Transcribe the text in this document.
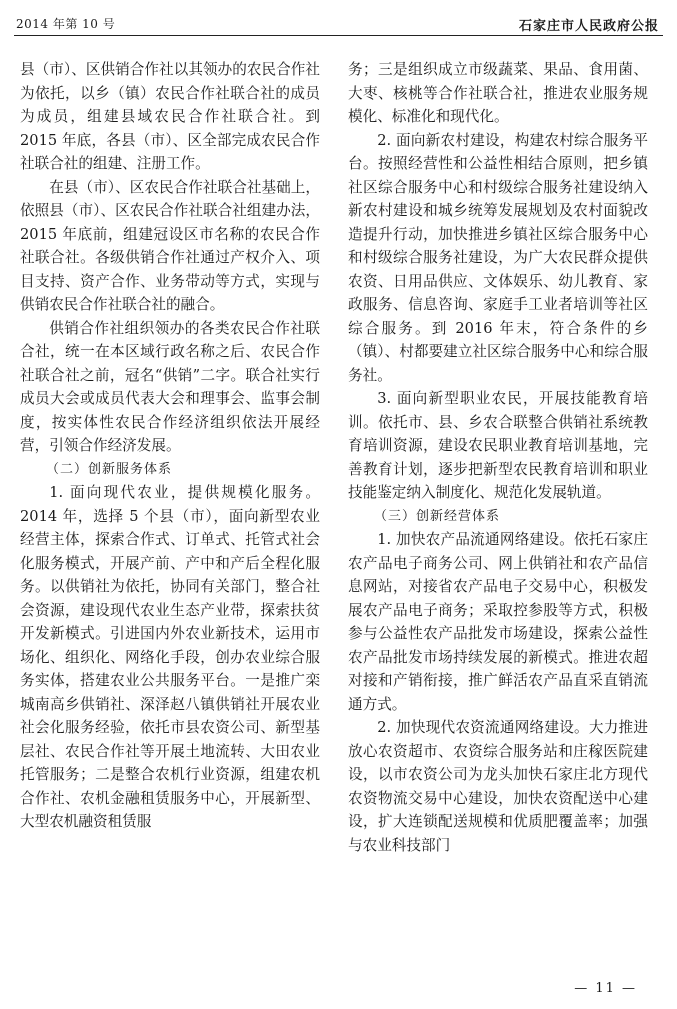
2014 年第 10 号	石家庄市人民政府公报

县（市）、区供销合作社以其领办的农民合作社为依托，以乡（镇）农民合作社联合社的成员为成员，组建县域农民合作社联合社。到 2015 年底，各县（市）、区全部完成农民合作社联合社的组建、注册工作。

在县（市）、区农民合作社联合社基础上，依照县（市）、区农民合作社联合社组建办法，2015 年底前，组建冠设区市名称的农民合作社联合社。各级供销合作社通过产权介入、项目支持、资产合作、业务带动等方式，实现与供销农民合作社联合社的融合。

供销合作社组织领办的各类农民合作社联合社，统一在本区域行政名称之后、农民合作社联合社之前，冠名“供销”二字。联合社实行成员大会或成员代表大会和理事会、监事会制度，按实体性农民合作经济组织依法开展经营，引领合作经济发展。

（二）创新服务体系

1. 面向现代农业，提供规模化服务。2014 年，选择 5 个县（市），面向新型农业经营主体，探索合作式、订单式、托管式社会化服务模式，开展产前、产中和产后全程化服务。以供销社为依托，协同有关部门，整合社会资源，建设现代农业生态产业带，探索扶贫开发新模式。引进国内外农业新技术，运用市场化、组织化、网络化手段，创办农业综合服务实体，搭建农业公共服务平台。一是推广栾城南高乡供销社、深泽赵八镇供销社开展农业社会化服务经验，依托市县农资公司、新型基层社、农民合作社等开展土地流转、大田农业托管服务；二是整合农机行业资源，组建农机合作社、农机金融租赁服务中心，开展新型、大型农机融资租赁服

务；三是组织成立市级蔬菜、果品、食用菌、大枣、核桃等合作社联合社，推进农业服务规模化、标准化和现代化。

2. 面向新农村建设，构建农村综合服务平台。按照经营性和公益性相结合原则，把乡镇社区综合服务中心和村级综合服务社建设纳入新农村建设和城乡统筹发展规划及农村面貌改造提升行动，加快推进乡镇社区综合服务中心和村级综合服务社建设，为广大农民群众提供农资、日用品供应、文体娱乐、幼儿教育、家政服务、信息咨询、家庭手工业者培训等社区综合服务。到 2016 年末，符合条件的乡（镇）、村都要建立社区综合服务中心和综合服务社。

3. 面向新型职业农民，开展技能教育培训。依托市、县、乡农合联整合供销社系统教育培训资源，建设农民职业教育培训基地，完善教育计划，逐步把新型农民教育培训和职业技能鉴定纳入制度化、规范化发展轨道。

（三）创新经营体系

1. 加快农产品流通网络建设。依托石家庄农产品电子商务公司、网上供销社和农产品信息网站，对接省农产品电子交易中心，积极发展农产品电子商务；采取控参股等方式，积极参与公益性农产品批发市场建设，探索公益性农产品批发市场持续发展的新模式。推进农超对接和产销衔接，推广鲜活农产品直采直销流通方式。

2. 加快现代农资流通网络建设。大力推进放心农资超市、农资综合服务站和庄稼医院建设，以市农资公司为龙头加快石家庄北方现代农资物流交易中心建设，加快农资配送中心建设，扩大连锁配送规模和优质肥覆盖率；加强与农业科技部门

— 11 —
